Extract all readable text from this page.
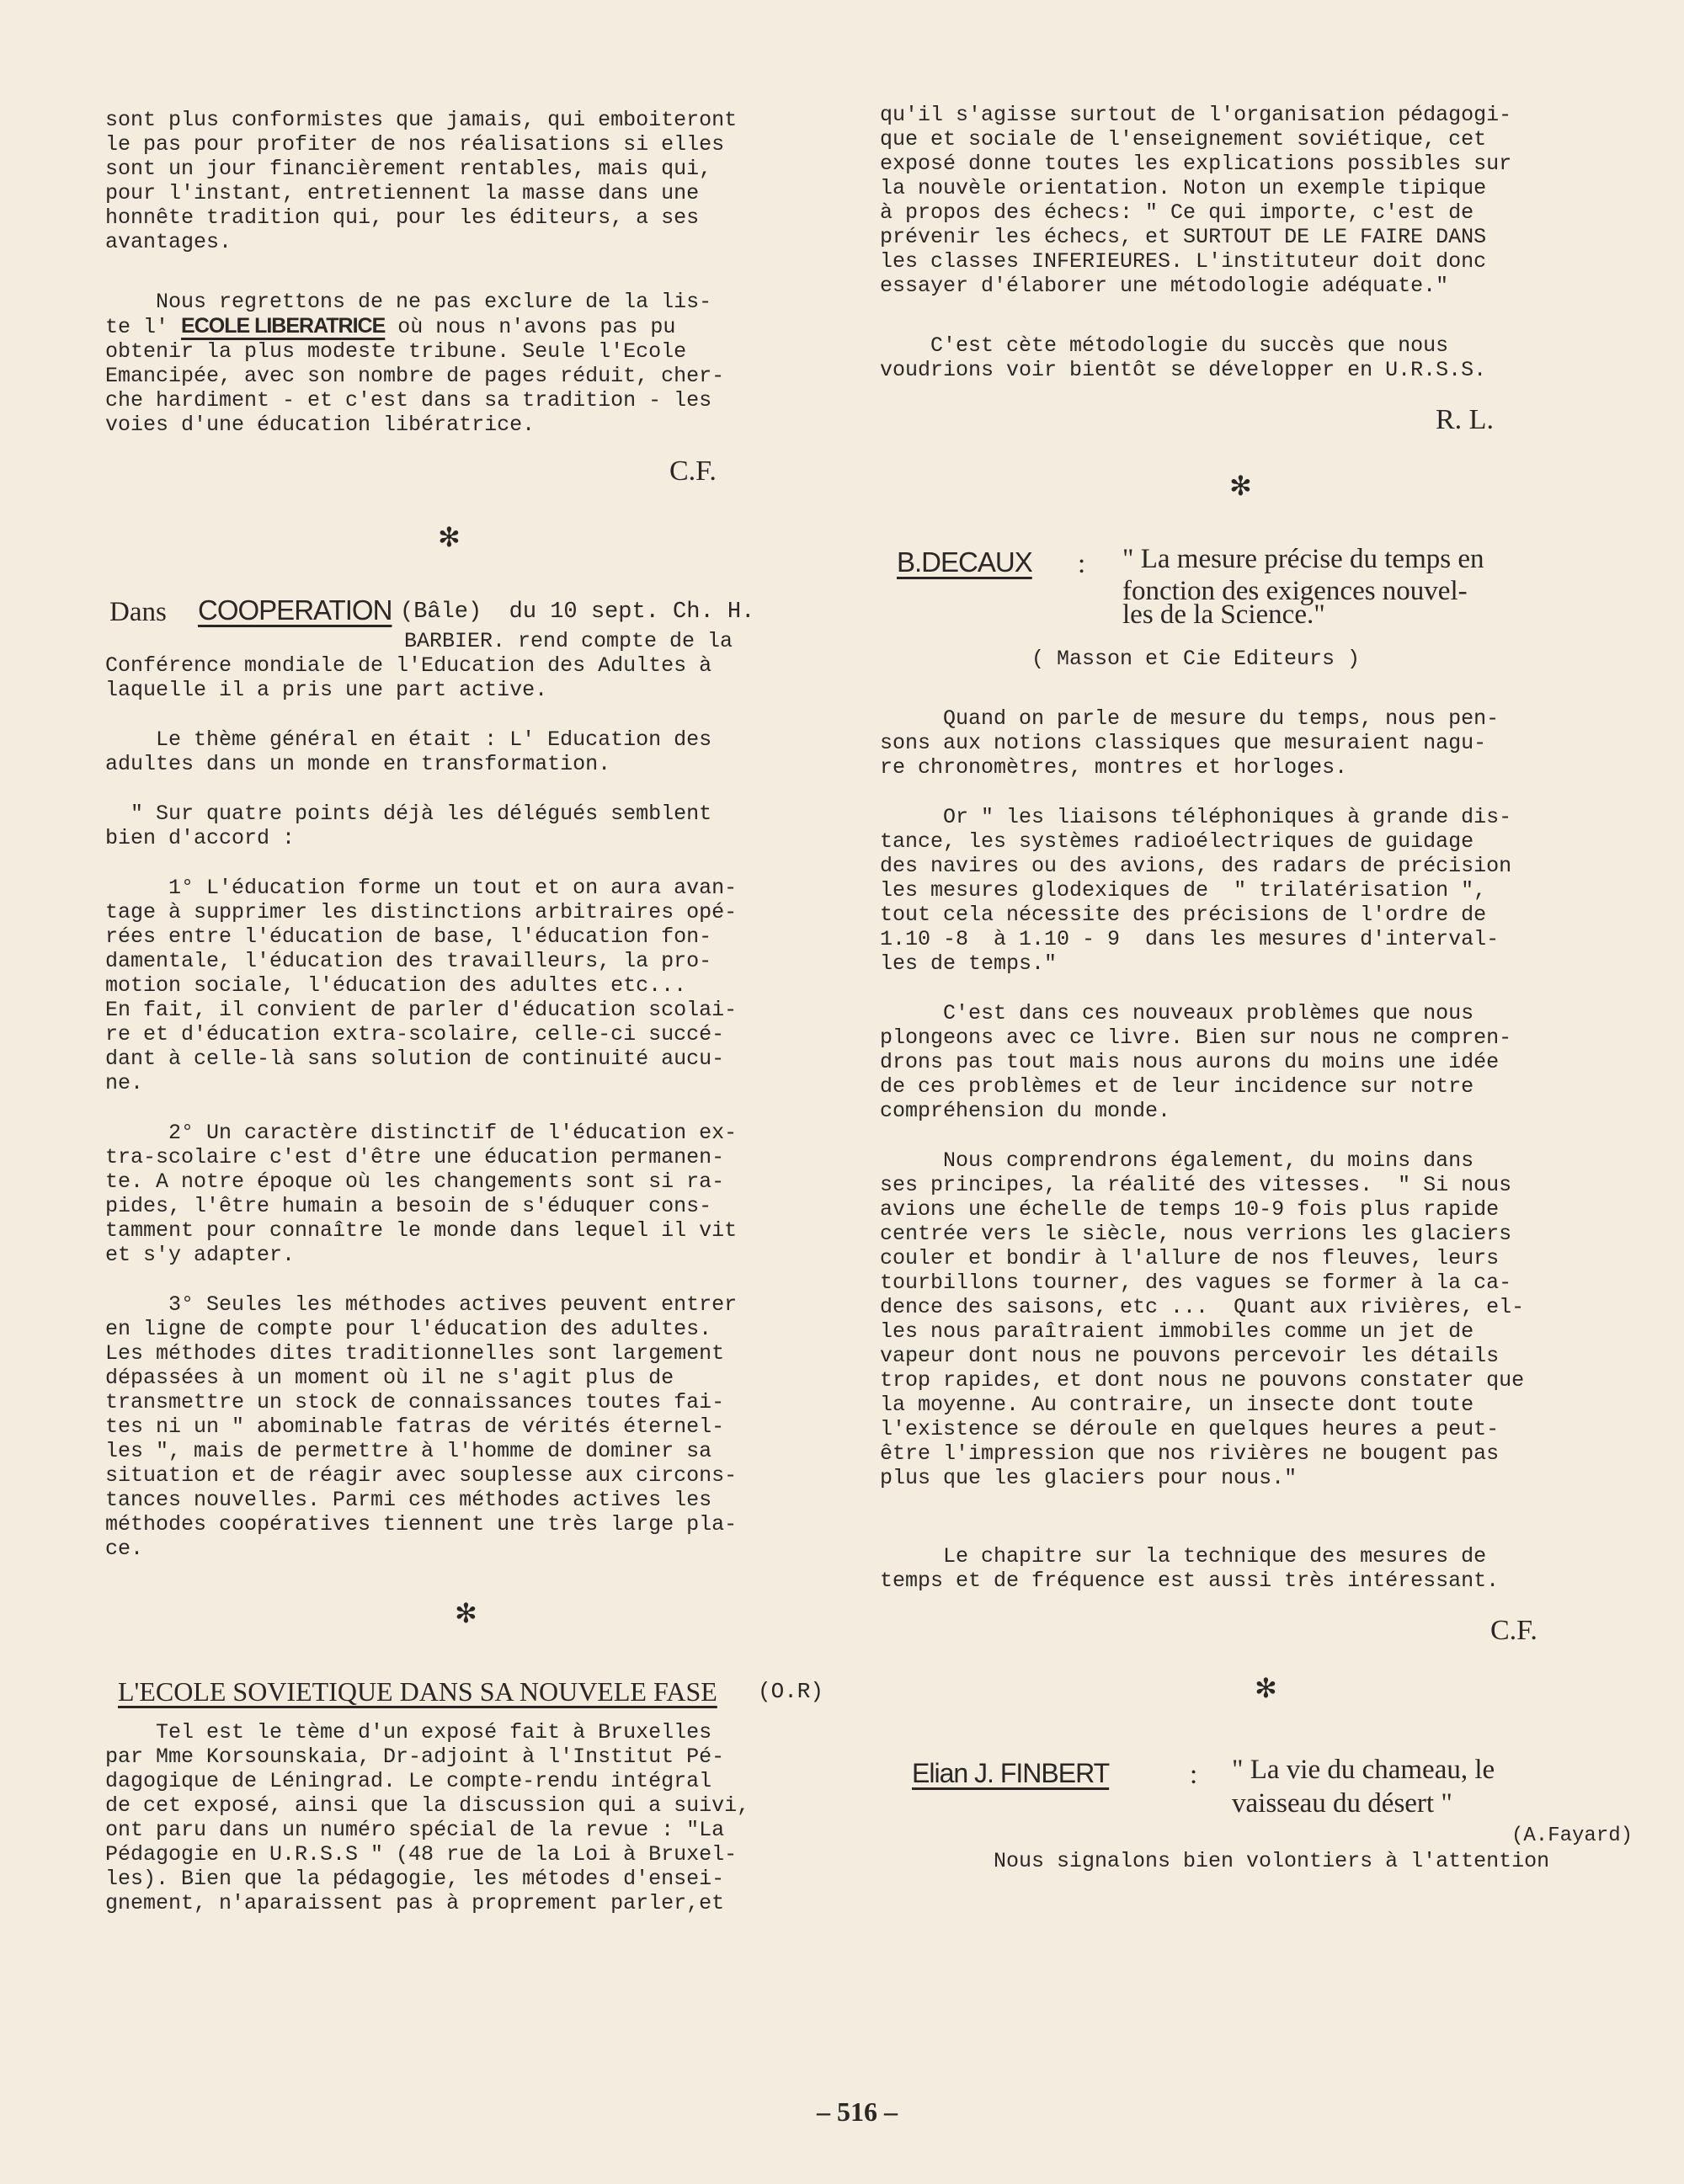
sont plus conformistes que jamais, qui emboiteront

le pas pour profiter de nos réalisations si elles

sont un jour financièrement rentables, mais qui,

pour l'instant, entretiennent la masse dans une

honnête tradition qui, pour les éditeurs, a ses

avantages.

Nous regrettons de ne pas exclure de la lis-

te l' ECOLE LIBERATRICE où nous n'avons pas pu

obtenir la plus modeste tribune. Seule l'Ecole

Emancipée, avec son nombre de pages réduit, cher-

che hardiment - et c'est dans sa tradition - les

voies d'une éducation libératrice.

C.F.
✻
Dans COOPERATION (Bâle)  du 10 sept. Ch. H.

BARBIER. rend compte de la

Conférence mondiale de l'Education des Adultes à

laquelle il a pris une part active.

Le thème général en était : L' Education des

adultes dans un monde en transformation.

" Sur quatre points déjà les délégués semblent

bien d'accord :

1° L'éducation forme un tout et on aura avan-

tage à supprimer les distinctions arbitraires opé-

rées entre l'éducation de base, l'éducation fon-

damentale, l'éducation des travailleurs, la pro-

motion sociale, l'éducation des adultes etc...

En fait, il convient de parler d'éducation scolai-

re et d'éducation extra-scolaire, celle-ci succé-

dant à celle-là sans solution de continuité aucu-

ne.

2° Un caractère distinctif de l'éducation ex-

tra-scolaire c'est d'être une éducation permanen-

te. A notre époque où les changements sont si ra-

pides, l'être humain a besoin de s'éduquer cons-

tamment pour connaître le monde dans lequel il vit

et s'y adapter.

3° Seules les méthodes actives peuvent entrer

en ligne de compte pour l'éducation des adultes.

Les méthodes dites traditionnelles sont largement

dépassées à un moment où il ne s'agit plus de

transmettre un stock de connaissances toutes fai-

tes ni un " abominable fatras de vérités éternel-

les ", mais de permettre à l'homme de dominer sa

situation et de réagir avec souplesse aux circons-

tances nouvelles. Parmi ces méthodes actives les

méthodes coopératives tiennent une très large pla-

ce.

✻
L'ECOLE SOVIETIQUE DANS SA NOUVELE FASE (O.R)

Tel est le tème d'un exposé fait à Bruxelles

par Mme Korsounskaia, Dr-adjoint à l'Institut Pé-

dagogique de Léningrad. Le compte-rendu intégral

de cet exposé, ainsi que la discussion qui a suivi,

ont paru dans un numéro spécial de la revue : "La

Pédagogie en U.R.S.S " (48 rue de la Loi à Bruxel-

les). Bien que la pédagogie, les métodes d'ensei-

gnement, n'aparaissent pas à proprement parler,et

qu'il s'agisse surtout de l'organisation pédagogi-

que et sociale de l'enseignement soviétique, cet

exposé donne toutes les explications possibles sur

la nouvèle orientation. Noton un exemple tipique

à propos des échecs: " Ce qui importe, c'est de

prévenir les échecs, et SURTOUT DE LE FAIRE DANS

les classes INFERIEURES. L'instituteur doit donc

essayer d'élaborer une métodologie adéquate."

C'est cète métodologie du succès que nous

voudrions voir bientôt se développer en U.R.S.S.

R. L.
✻
B.DECAUX : " La mesure précise du temps en
fonction des exigences nouvel-
les de la Science."

( Masson et Cie Editeurs )

Quand on parle de mesure du temps, nous pen-

sons aux notions classiques que mesuraient nagu-

re chronomètres, montres et horloges.

Or " les liaisons téléphoniques à grande dis-

tance, les systèmes radioélectriques de guidage

des navires ou des avions, des radars de précision

les mesures glodexiques de  " trilatérisation ",

tout cela nécessite des précisions de l'ordre de

1.10 -8  à 1.10 - 9  dans les mesures d'interval-

les de temps."

C'est dans ces nouveaux problèmes que nous

plongeons avec ce livre. Bien sur nous ne compren-

drons pas tout mais nous aurons du moins une idée

de ces problèmes et de leur incidence sur notre

compréhension du monde.

Nous comprendrons également, du moins dans

ses principes, la réalité des vitesses.  " Si nous

avions une échelle de temps 10-9 fois plus rapide

centrée vers le siècle, nous verrions les glaciers

couler et bondir à l'allure de nos fleuves, leurs

tourbillons tourner, des vagues se former à la ca-

dence des saisons, etc ...  Quant aux rivières, el-

les nous paraîtraient immobiles comme un jet de

vapeur dont nous ne pouvons percevoir les détails

trop rapides, et dont nous ne pouvons constater que

la moyenne. Au contraire, un insecte dont toute

l'existence se déroule en quelques heures a peut-

être l'impression que nos rivières ne bougent pas

plus que les glaciers pour nous."

Le chapitre sur la technique des mesures de

temps et de fréquence est aussi très intéressant.

C.F.
✻
Elian J. FINBERT	: " La vie du chameau, le
vaisseau du désert "
(A.Fayard)

Nous signalons bien volontiers à l'attention

– 516 –
